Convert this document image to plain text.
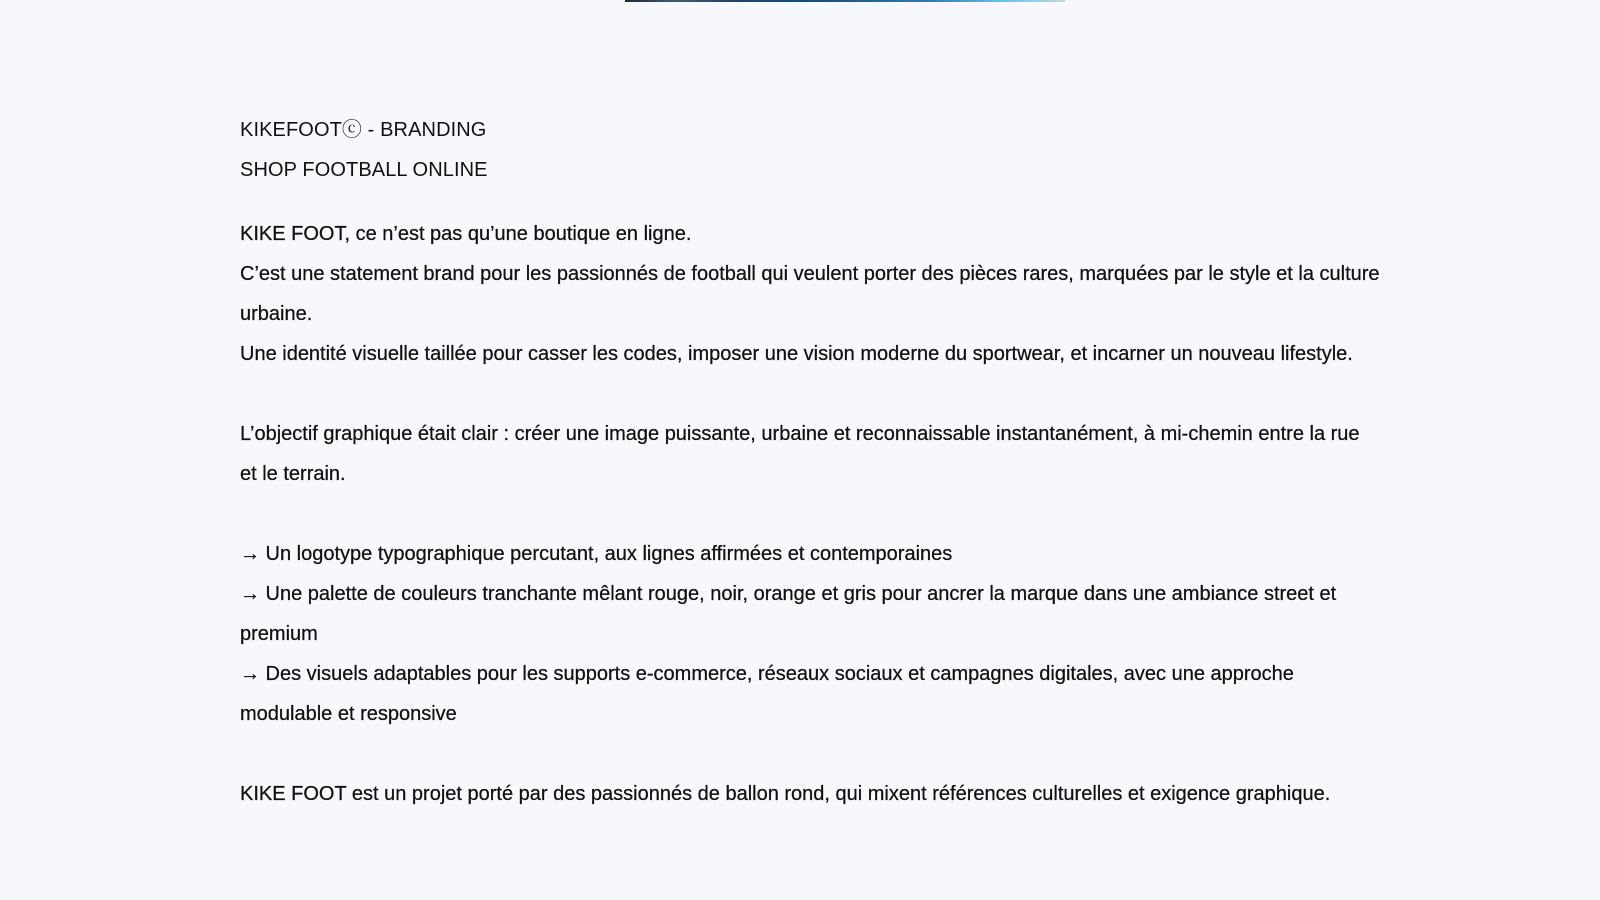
KIKEFOOTⓒ - BRANDING

SHOP FOOTBALL ONLINE

KIKE FOOT, ce n’est pas qu’une boutique en ligne.

C’est une statement brand pour les passionnés de football qui veulent porter des pièces rares, marquées par le style et la culture urbaine.

Une identité visuelle taillée pour casser les codes, imposer une vision moderne du sportwear, et incarner un nouveau lifestyle.

L’objectif graphique était clair : créer une image puissante, urbaine et reconnaissable instantanément, à mi-chemin entre la rue et le terrain.

→ Un logotype typographique percutant, aux lignes affirmées et contemporaines

→ Une palette de couleurs tranchante mêlant rouge, noir, orange et gris pour ancrer la marque dans une ambiance street et premium

→ Des visuels adaptables pour les supports e-commerce, réseaux sociaux et campagnes digitales, avec une approche modulable et responsive

KIKE FOOT est un projet porté par des passionnés de ballon rond, qui mixent références culturelles et exigence graphique.
